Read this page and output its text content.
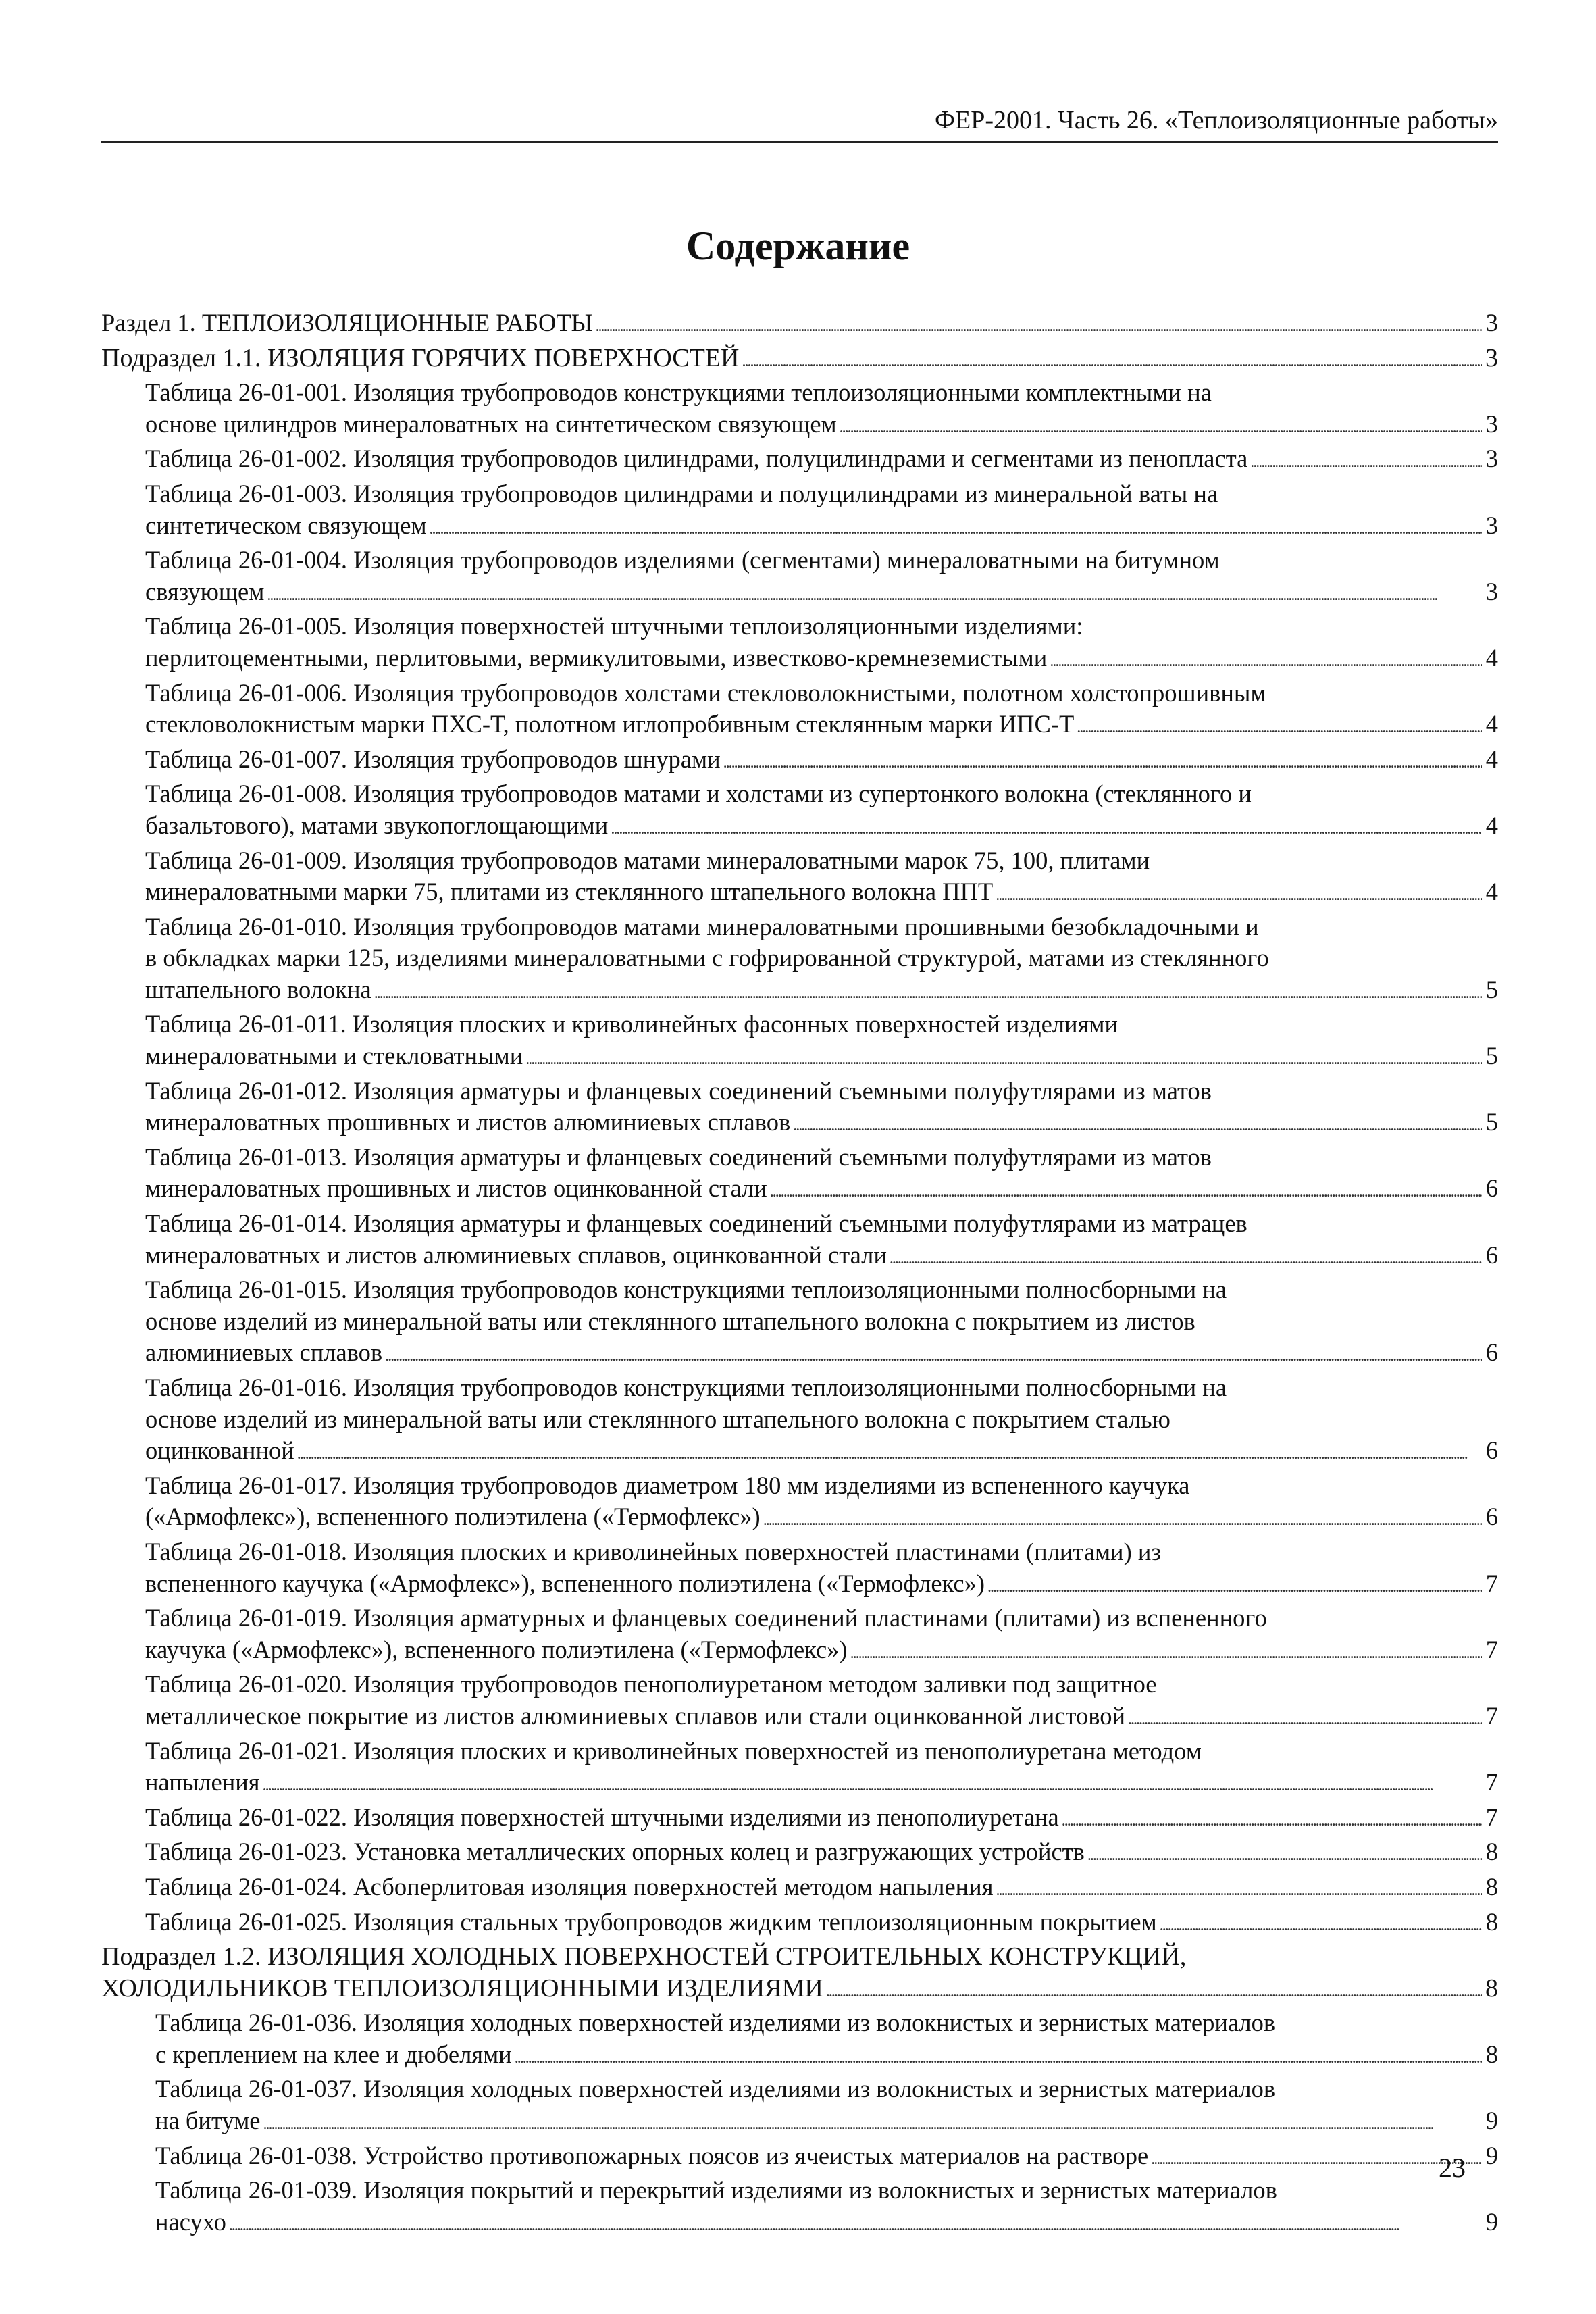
ФЕР-2001. Часть 26. «Теплоизоляционные работы»
Содержание
Раздел 1. ТЕПЛОИЗОЛЯЦИОННЫЕ РАБОТЫ . . .	3
Подраздел 1.1. ИЗОЛЯЦИЯ ГОРЯЧИХ ПОВЕРХНОСТЕЙ . . .	3
Таблица 26-01-001. Изоляция трубопроводов конструкциями теплоизоляционными комплектными на
основе цилиндров минераловатных на синтетическом связующем . . .	3
Таблица 26-01-002. Изоляция трубопроводов цилиндрами, полуцилиндрами и сегментами из пенопласта . . .	3
Таблица 26-01-003. Изоляция трубопроводов цилиндрами и полуцилиндрами из минеральной ваты на
синтетическом связующем . . .	3
Таблица 26-01-004. Изоляция трубопроводов изделиями (сегментами) минераловатными на битумном
связующем . . .	3
Таблица 26-01-005. Изоляция поверхностей штучными теплоизоляционными изделиями:
перлитоцементными, перлитовыми, вермикулитовыми, известково-кремнеземистыми . . .	4
Таблица 26-01-006. Изоляция трубопроводов холстами стекловолокнистыми, полотном холстопрошивным
стекловолокнистым марки ПХС-Т, полотном иглопробивным стеклянным марки ИПС-Т . . .	4
Таблица 26-01-007. Изоляция трубопроводов шнурами . . .	4
Таблица 26-01-008. Изоляция трубопроводов матами и холстами из супертонкого волокна (стеклянного и
базальтового), матами звукопоглощающими . . .	4
Таблица 26-01-009. Изоляция трубопроводов матами минераловатными марок 75, 100, плитами
минераловатными марки 75, плитами из стеклянного штапельного волокна ППТ . . .	4
Таблица 26-01-010. Изоляция трубопроводов матами минераловатными прошивными безобкладочными и
в обкладках марки 125, изделиями минераловатными с гофрированной структурой, матами из стеклянного
штапельного волокна . . .	5
Таблица 26-01-011. Изоляция плоских и криволинейных фасонных поверхностей изделиями
минераловатными и стекловатными . . .	5
Таблица 26-01-012. Изоляция арматуры и фланцевых соединений съемными полуфутлярами из матов
минераловатных прошивных и листов алюминиевых сплавов . . .	5
Таблица 26-01-013. Изоляция арматуры и фланцевых соединений съемными полуфутлярами из матов
минераловатных прошивных и листов оцинкованной стали . . .	6
Таблица 26-01-014. Изоляция арматуры и фланцевых соединений съемными полуфутлярами из матрацев
минераловатных и листов алюминиевых сплавов, оцинкованной стали . . .	6
Таблица 26-01-015. Изоляция трубопроводов конструкциями теплоизоляционными полносборными на
основе изделий из минеральной ваты или стеклянного штапельного волокна с покрытием из листов
алюминиевых сплавов . . .	6
Таблица 26-01-016. Изоляция трубопроводов конструкциями теплоизоляционными полносборными на
основе изделий из минеральной ваты или стеклянного штапельного волокна с покрытием сталью
оцинкованной . . .	6
Таблица 26-01-017. Изоляция трубопроводов диаметром 180 мм изделиями из вспененного каучука
(«Армофлекс»), вспененного полиэтилена («Термофлекс») . . .	6
Таблица 26-01-018. Изоляция плоских и криволинейных поверхностей пластинами (плитами) из
вспененного каучука («Армофлекс»), вспененного полиэтилена («Термофлекс») . . .	7
Таблица 26-01-019. Изоляция арматурных и фланцевых соединений пластинами (плитами) из вспененного
каучука («Армофлекс»), вспененного полиэтилена («Термофлекс») . . .	7
Таблица 26-01-020. Изоляция трубопроводов пенополиуретаном методом заливки под защитное
металлическое покрытие из листов алюминиевых сплавов или стали оцинкованной листовой . . .	7
Таблица 26-01-021. Изоляция плоских и криволинейных поверхностей из пенополиуретана методом
напыления . . .	7
Таблица 26-01-022. Изоляция поверхностей штучными изделиями из пенополиуретана . . .	7
Таблица 26-01-023. Установка металлических опорных колец и разгружающих устройств . . .	8
Таблица 26-01-024. Асбоперлитовая изоляция поверхностей методом напыления . . .	8
Таблица 26-01-025. Изоляция стальных трубопроводов жидким теплоизоляционным покрытием . . .	8
Подраздел 1.2. ИЗОЛЯЦИЯ ХОЛОДНЫХ ПОВЕРХНОСТЕЙ СТРОИТЕЛЬНЫХ КОНСТРУКЦИЙ,
ХОЛОДИЛЬНИКОВ ТЕПЛОИЗОЛЯЦИОННЫМИ ИЗДЕЛИЯМИ . . .	8
Таблица 26-01-036. Изоляция холодных поверхностей изделиями из волокнистых и зернистых материалов
с креплением на клее и дюбелями . . .	8
Таблица 26-01-037. Изоляция холодных поверхностей изделиями из волокнистых и зернистых материалов
на битуме . . .	9
Таблица 26-01-038. Устройство противопожарных поясов из ячеистых материалов на растворе . . .	9
Таблица 26-01-039. Изоляция покрытий и перекрытий изделиями из волокнистых и зернистых материалов
насухо . . .	9
23
